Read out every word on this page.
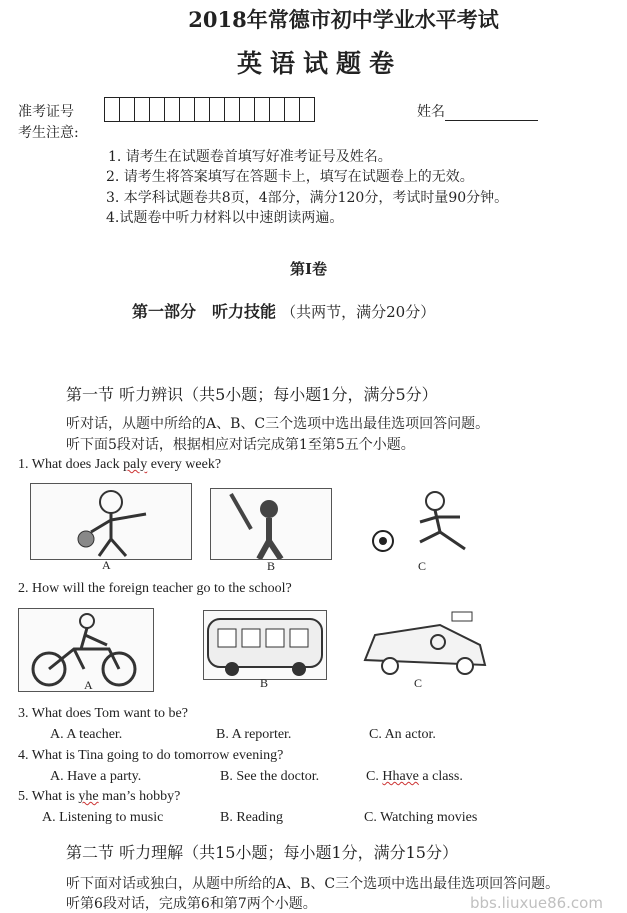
2018年常德市初中学业水平考试
英语试题卷
准考证号	姓名
考生注意:
1. 请考生在试题卷首填写好准考证号及姓名。
2. 请考生将答案填写在答题卡上，填写在试题卷上的无效。
3. 本学科试题卷共8页，4部分，满分120分，考试时量90分钟。
4.试题卷中听力材料以中速朗读两遍。
第I卷
第一部分　听力技能 （共两节，满分20分）
第一节 听力辨识（共5小题；每小题1分，满分5分）
听对话，从题中所给的A、B、C三个选项中选出最佳选项回答问题。
听下面5段对话，根据相应对话完成第1至第5五个小题。
1. What does Jack paly every week?
A	B	C
2. How will the foreign teacher go to the school?
A	B	C
3. What does Tom want to be?
A. A teacher.	B. A reporter.	C. An actor.
4. What is Tina going to do tomorrow evening?
A. Have a party.	B. See the doctor.	C. Hhave a class.
5. What is yhe man’s hobby?
A. Listening to music	B. Reading	C. Watching movies
第二节 听力理解（共15小题；每小题1分，满分15分）
听下面对话或独白，从题中所给的A、B、C三个选项中选出最佳选项回答问题。
听第6段对话，完成第6和第7两个小题。	bbs.liuxue86.com
